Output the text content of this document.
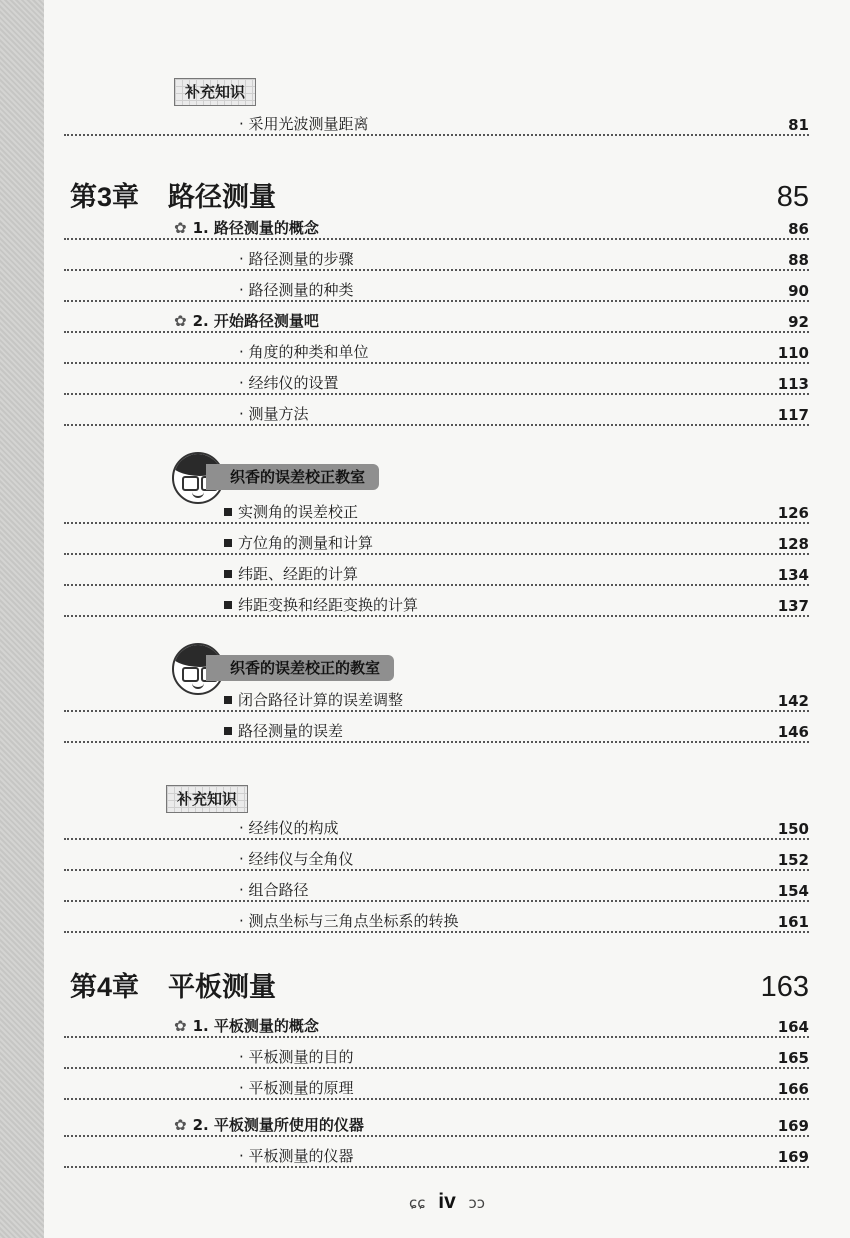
补充知识
· 采用光波测量距离	81
第3章 路径测量	85
✿ 1. 路径测量的概念	86
· 路径测量的步骤	88
· 路径测量的种类	90
✿ 2. 开始路径测量吧	92
· 角度的种类和单位	110
· 经纬仪的设置	113
· 测量方法	117
织香的误差校正教室
实测角的误差校正	126
方位角的测量和计算	128
纬距、经距的计算	134
纬距变换和经距变换的计算	137
织香的误差校正的教室
闭合路径计算的误差调整	142
路径测量的误差	146
补充知识
· 经纬仪的构成	150
· 经纬仪与全角仪	152
· 组合路径	154
· 测点坐标与三角点坐标系的转换	161
第4章 平板测量	163
✿ 1. 平板测量的概念	164
· 平板测量的目的	165
· 平板测量的原理	166
✿ 2. 平板测量所使用的仪器	169
· 平板测量的仪器	169
ɕɕ iv ɔɔ
